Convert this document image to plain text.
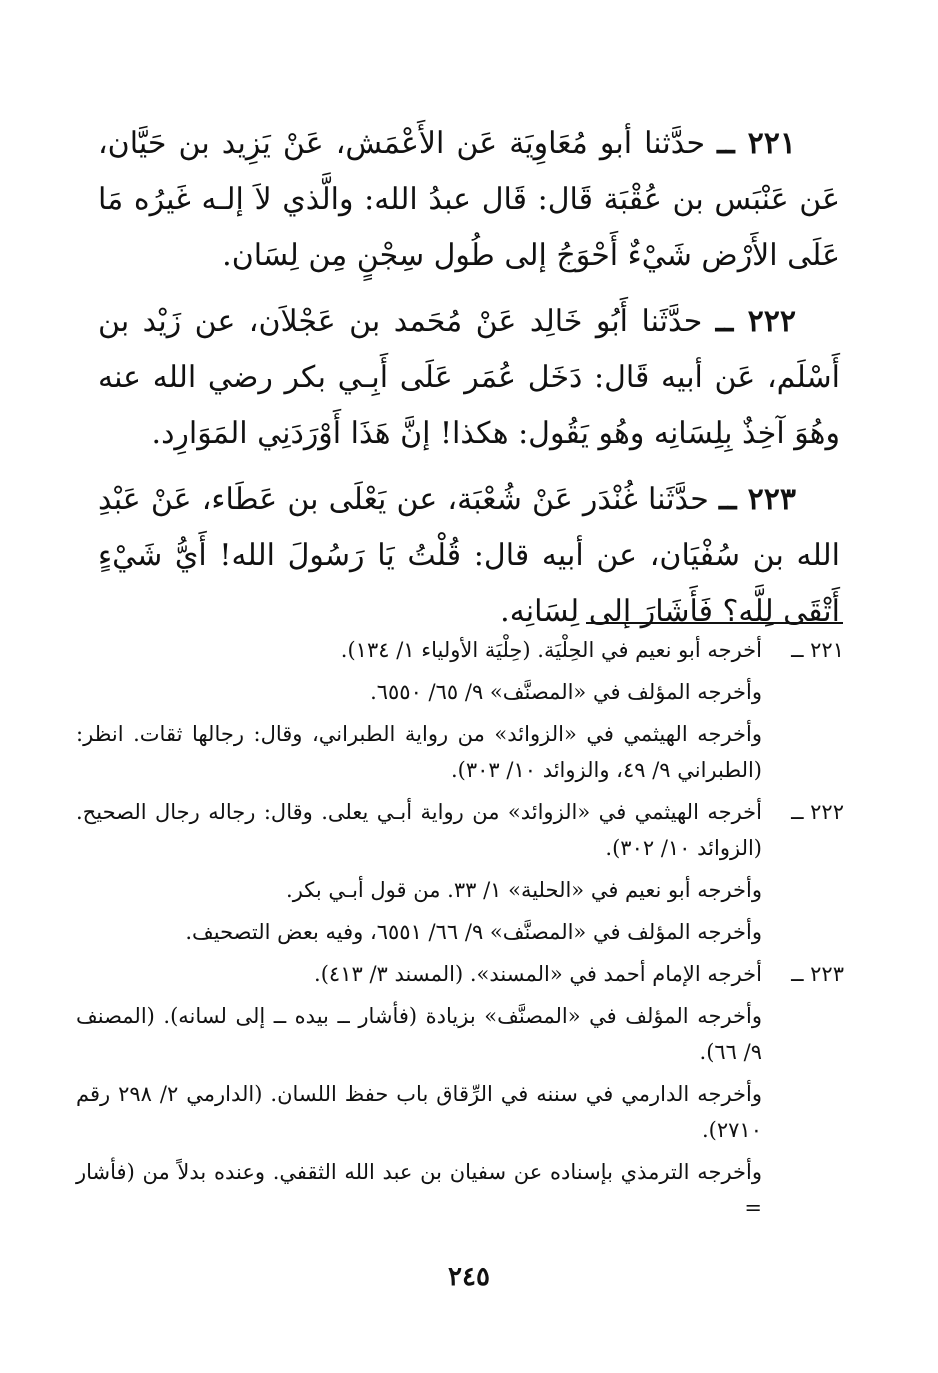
٢٢١ ــ حدَّثنا أبو مُعَاوِيَة عَن الأَعْمَش، عَنْ يَزِيد بن حَيَّان، عَن عَنْبَس بن عُقْبَة قَال: قَال عبدُ الله: والَّذي لاَ إلـه غَيرُه مَا عَلَى الأَرْض شَيْءٌ أَحْوَجُ إلى طُول سِجْنٍ مِن لِسَان.

٢٢٢ ــ حدَّثَنا أَبُو خَالِد عَنْ مُحَمد بن عَجْلاَن، عن زَيْد بن أَسْلَم، عَن أبيه قَال: دَخَل عُمَر عَلَى أَبِـي بكر رضي الله عنه وهُوَ آخِذٌ بِلِسَانِه وهُو يَقُول: هكذا! إنَّ هَذَا أَوْرَدَنِي المَوَارِد.

٢٢٣ ــ حدَّثَنا غُنْدَر عَنْ شُعْبَة، عن يَعْلَى بن عَطَاء، عَنْ عَبْدِ الله بن سُفْيَان، عن أبيه قال: قُلْتُ يَا رَسُولَ الله! أَيُّ شَيْءٍ أَتْقَى لِلَّه؟ فَأَشَارَ إلى لِسَانِه.

٢٢١ ــ

أخرجه أبو نعيم في الحِلْيَة. (حِلْيَة الأولياء ١/ ١٣٤).

وأخرجه المؤلف في «المصنَّف» ٩/ ٦٥/ ٦٥٥٠.

وأخرجه الهيثمي في «الزوائد» من رواية الطبراني، وقال: رجالها ثقات. انظر: (الطبراني ٩/ ٤٩، والزوائد ١٠/ ٣٠٣).

٢٢٢ ــ

أخرجه الهيثمي في «الزوائد» من رواية أبـي يعلى. وقال: رجاله رجال الصحيح. (الزوائد ١٠/ ٣٠٢).

وأخرجه أبو نعيم في «الحلية» ١/ ٣٣. من قول أبـي بكر.

وأخرجه المؤلف في «المصنَّف» ٩/ ٦٦/ ٦٥٥١، وفيه بعض التصحيف.

٢٢٣ ــ

أخرجه الإمام أحمد في «المسند». (المسند ٣/ ٤١٣).

وأخرجه المؤلف في «المصنَّف» بزيادة (فأشار ــ بيده ــ إلى لسانه). (المصنف ٩/ ٦٦).

وأخرجه الدارمي في سننه في الرِّقاق باب حفظ اللسان. (الدارمي ٢/ ٢٩٨ رقم ٢٧١٠).

وأخرجه الترمذي بإسناده عن سفيان بن عبد الله الثقفي. وعنده بدلاً من (فأشار =

٢٤٥
